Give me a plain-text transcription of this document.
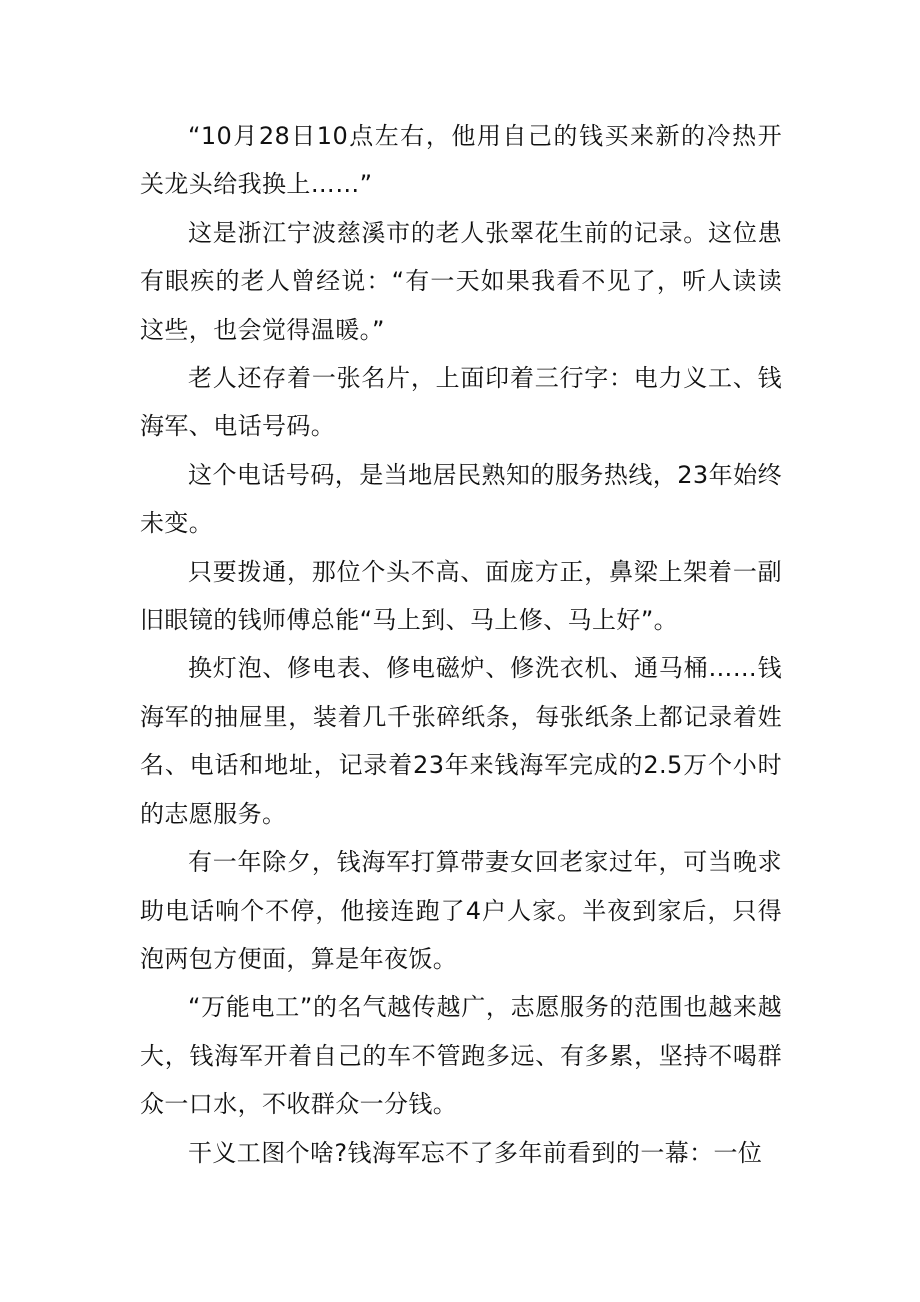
“10月28日10点左右，他用自己的钱买来新的冷热开关龙头给我换上……”

这是浙江宁波慈溪市的老人张翠花生前的记录。这位患有眼疾的老人曾经说：“有一天如果我看不见了，听人读读这些，也会觉得温暖。”

老人还存着一张名片，上面印着三行字：电力义工、钱海军、电话号码。

这个电话号码，是当地居民熟知的服务热线，23年始终未变。

只要拨通，那位个头不高、面庞方正，鼻梁上架着一副旧眼镜的钱师傅总能“马上到、马上修、马上好”。

换灯泡、修电表、修电磁炉、修洗衣机、通马桶……钱海军的抽屉里，装着几千张碎纸条，每张纸条上都记录着姓名、电话和地址，记录着23年来钱海军完成的2.5万个小时的志愿服务。

有一年除夕，钱海军打算带妻女回老家过年，可当晚求助电话响个不停，他接连跑了4户人家。半夜到家后，只得泡两包方便面，算是年夜饭。

“万能电工”的名气越传越广，志愿服务的范围也越来越大，钱海军开着自己的车不管跑多远、有多累，坚持不喝群众一口水，不收群众一分钱。

干义工图个啥?钱海军忘不了多年前看到的一幕：一位
